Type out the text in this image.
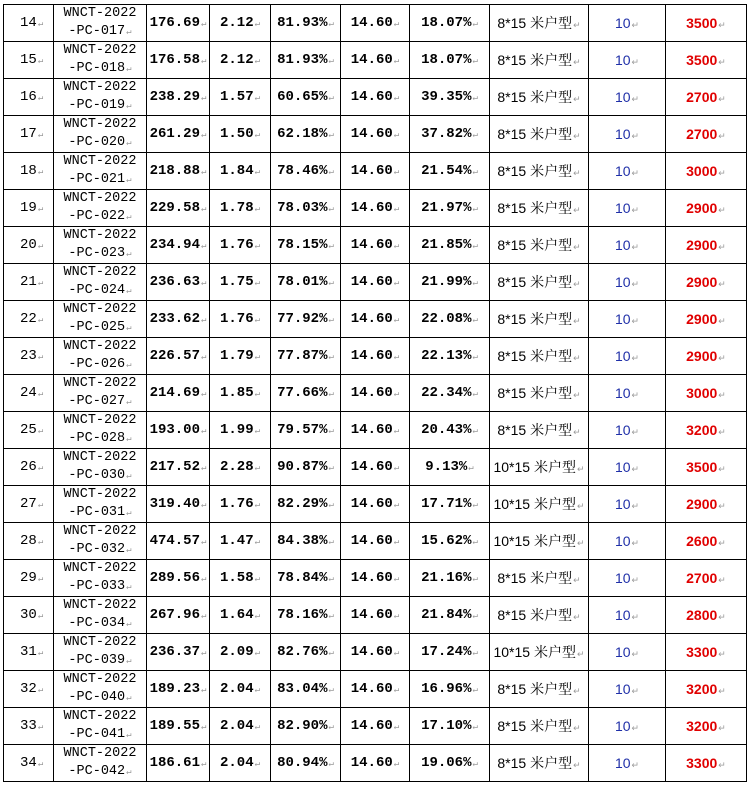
14↵	WNCT-2022
-PC-017↵	176.69↵	2.12↵	81.93%↵	14.60↵	18.07%↵	8*15 米户型↵	10↵	3500↵
15↵	WNCT-2022
-PC-018↵	176.58↵	2.12↵	81.93%↵	14.60↵	18.07%↵	8*15 米户型↵	10↵	3500↵
16↵	WNCT-2022
-PC-019↵	238.29↵	1.57↵	60.65%↵	14.60↵	39.35%↵	8*15 米户型↵	10↵	2700↵
17↵	WNCT-2022
-PC-020↵	261.29↵	1.50↵	62.18%↵	14.60↵	37.82%↵	8*15 米户型↵	10↵	2700↵
18↵	WNCT-2022
-PC-021↵	218.88↵	1.84↵	78.46%↵	14.60↵	21.54%↵	8*15 米户型↵	10↵	3000↵
19↵	WNCT-2022
-PC-022↵	229.58↵	1.78↵	78.03%↵	14.60↵	21.97%↵	8*15 米户型↵	10↵	2900↵
20↵	WNCT-2022
-PC-023↵	234.94↵	1.76↵	78.15%↵	14.60↵	21.85%↵	8*15 米户型↵	10↵	2900↵
21↵	WNCT-2022
-PC-024↵	236.63↵	1.75↵	78.01%↵	14.60↵	21.99%↵	8*15 米户型↵	10↵	2900↵
22↵	WNCT-2022
-PC-025↵	233.62↵	1.76↵	77.92%↵	14.60↵	22.08%↵	8*15 米户型↵	10↵	2900↵
23↵	WNCT-2022
-PC-026↵	226.57↵	1.79↵	77.87%↵	14.60↵	22.13%↵	8*15 米户型↵	10↵	2900↵
24↵	WNCT-2022
-PC-027↵	214.69↵	1.85↵	77.66%↵	14.60↵	22.34%↵	8*15 米户型↵	10↵	3000↵
25↵	WNCT-2022
-PC-028↵	193.00↵	1.99↵	79.57%↵	14.60↵	20.43%↵	8*15 米户型↵	10↵	3200↵
26↵	WNCT-2022
-PC-030↵	217.52↵	2.28↵	90.87%↵	14.60↵	9.13%↵	10*15 米户型↵	10↵	3500↵
27↵	WNCT-2022
-PC-031↵	319.40↵	1.76↵	82.29%↵	14.60↵	17.71%↵	10*15 米户型↵	10↵	2900↵
28↵	WNCT-2022
-PC-032↵	474.57↵	1.47↵	84.38%↵	14.60↵	15.62%↵	10*15 米户型↵	10↵	2600↵
29↵	WNCT-2022
-PC-033↵	289.56↵	1.58↵	78.84%↵	14.60↵	21.16%↵	8*15 米户型↵	10↵	2700↵
30↵	WNCT-2022
-PC-034↵	267.96↵	1.64↵	78.16%↵	14.60↵	21.84%↵	8*15 米户型↵	10↵	2800↵
31↵	WNCT-2022
-PC-039↵	236.37↵	2.09↵	82.76%↵	14.60↵	17.24%↵	10*15 米户型↵	10↵	3300↵
32↵	WNCT-2022
-PC-040↵	189.23↵	2.04↵	83.04%↵	14.60↵	16.96%↵	8*15 米户型↵	10↵	3200↵
33↵	WNCT-2022
-PC-041↵	189.55↵	2.04↵	82.90%↵	14.60↵	17.10%↵	8*15 米户型↵	10↵	3200↵
34↵	WNCT-2022
-PC-042↵	186.61↵	2.04↵	80.94%↵	14.60↵	19.06%↵	8*15 米户型↵	10↵	3300↵
